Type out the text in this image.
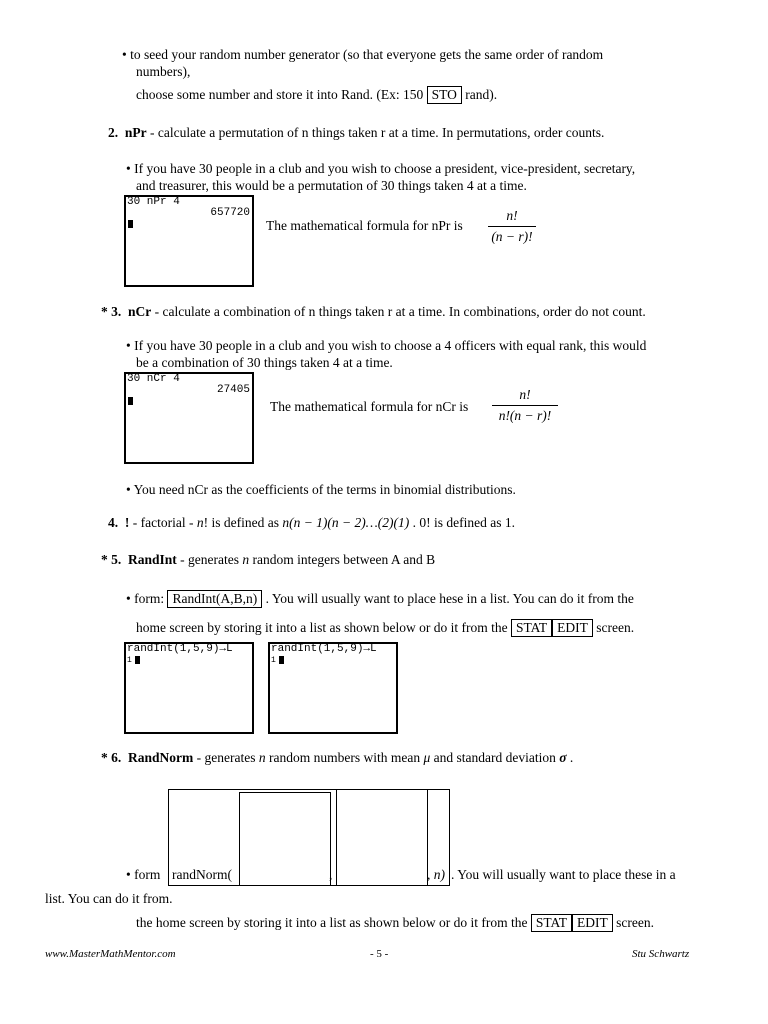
• to seed your random number generator (so that everyone gets the same order of random
numbers),
choose some number and store it into Rand. (Ex: 150 STO rand).
2. nPr - calculate a permutation of n things taken r at a time. In permutations, order counts.
• If you have 30 people in a club and you wish to choose a president, vice-president, secretary,
and treasurer, this would be a permutation of 30 things taken 4 at a time.
30 nPr 4
657720
The mathematical formula for nPr is
n!
(n − r)!
* 3. nCr - calculate a combination of n things taken r at a time. In combinations, order do not count.
• If you have 30 people in a club and you wish to choose a 4 officers with equal rank, this would
be a combination of 30 things taken 4 at a time.
30 nCr 4
27405
The mathematical formula for nCr is
n!
n!(n − r)!
• You need nCr as the coefficients of the terms in binomial distributions.
4. ! - factorial - n! is defined as n(n − 1)(n − 2)…(2)(1) . 0! is defined as 1.
* 5. RandInt - generates n random integers between A and B
• form: RandInt(A,B,n) . You will usually want to place hese in a list. You can do it from the
home screen by storing it into a list as shown below or do it from the STAT EDIT screen.
randInt(1,5,9)→L
1
randInt(1,5,9)→L
1
* 6. RandNorm - generates n random numbers with mean μ and standard deviation σ .
• form randNorm(	,	, n) . You will usually want to place these in a
list. You can do it from.
the home screen by storing it into a list as shown below or do it from the STAT EDIT screen.
www.MasterMathMentor.com	- 5 -	Stu Schwartz
